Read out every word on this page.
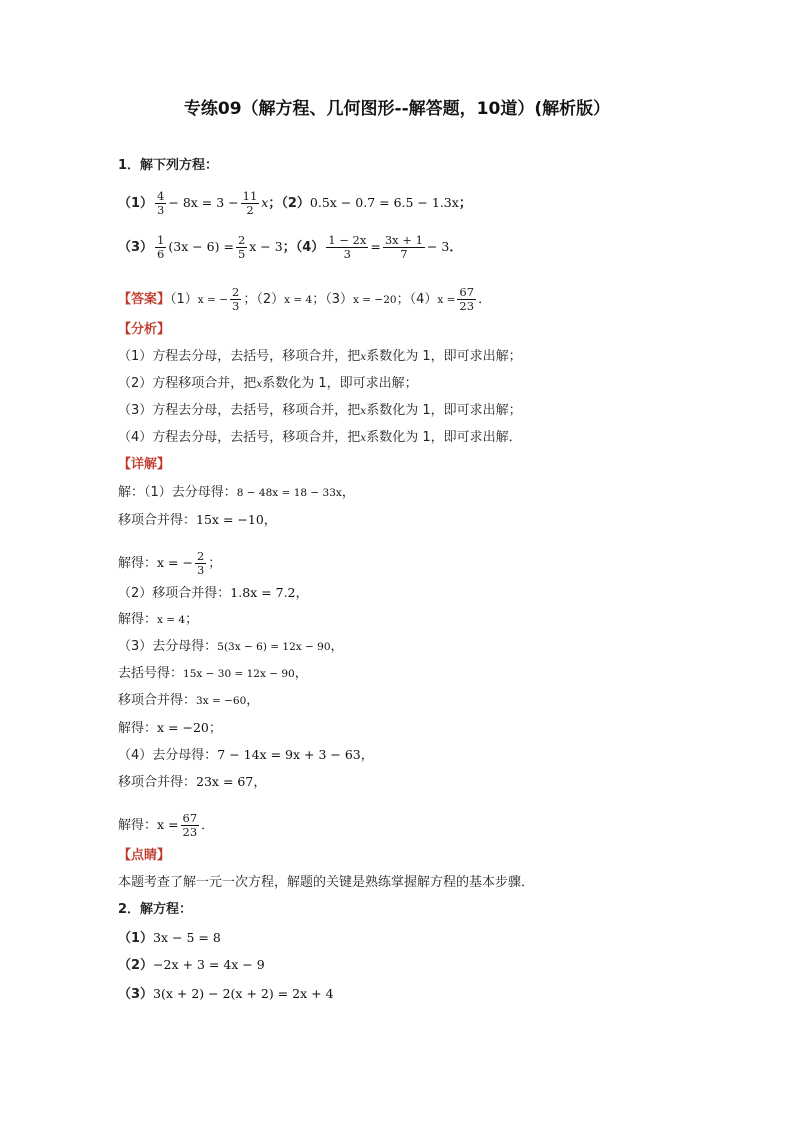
专练09（解方程、几何图形--解答题，10道）(解析版）
1．解下列方程：
$(1) \frac{4}{3} - 8x = 3 - \frac{11}{2}$ x；（2）0.5x − 0.7 = 6.5 − 1.3x；
$(3) \frac{1}{6} (3x - 6) = \frac{2}{5}$ x − 3；$(4) \frac{1 - 2x}{3} = \frac{3x + 1}{7} - 3$．
【答案】（1）x = − $\frac{2}{3}$ ；（2）x = 4；（3）x = −20；$(4)x = \frac{67}{23}$ ．
【分析】
（1）方程去分母，去括号，移项合并，把x系数化为 1，即可求出解；
（2）方程移项合并，把x系数化为 1，即可求出解；
（3）方程去分母，去括号，移项合并，把x系数化为 1，即可求出解；
（4）方程去分母，去括号，移项合并，把x系数化为 1，即可求出解．
【详解】
解：（1）去分母得：8 − 48x = 18 − 33x，
移项合并得：15x = −10，
解得：x = − $\frac{2}{3}$ ；
（2）移项合并得：1.8x = 7.2，
解得：x = 4；
（3）去分母得：5(3x − 6) = 12x − 90，
去括号得：15x − 30 = 12x − 90，
移项合并得：3x = −60，
解得：x = −20；
（4）去分母得：7 − 14x = 9x + 3 − 63，
移项合并得：23x = 67，
解得：$x = \frac{67}{23}$ ．
【点睛】
本题考查了解一元一次方程，解题的关键是熟练掌握解方程的基本步骤．
2．解方程：
（1）3x − 5 = 8
（2）−2x + 3 = 4x − 9
（3）3(x + 2) − 2(x + 2) = 2x + 4
